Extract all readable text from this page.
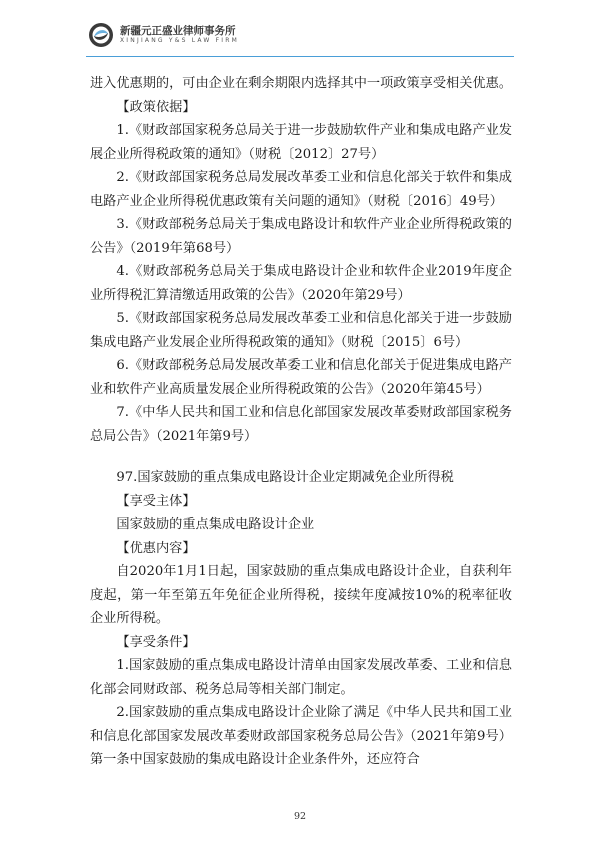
新疆元正盛业律师事务所
XINJIANG Y&S LAW FIRM

进入优惠期的，可由企业在剩余期限内选择其中一项政策享受相关优惠。

【政策依据】

1.《财政部国家税务总局关于进一步鼓励软件产业和集成电路产业发展企业所得税政策的通知》（财税〔2012〕27号）

2.《财政部国家税务总局发展改革委工业和信息化部关于软件和集成电路产业企业所得税优惠政策有关问题的通知》（财税〔2016〕49号）

3.《财政部税务总局关于集成电路设计和软件产业企业所得税政策的公告》（2019年第68号）

4.《财政部税务总局关于集成电路设计企业和软件企业2019年度企业所得税汇算清缴适用政策的公告》（2020年第29号）

5.《财政部国家税务总局发展改革委工业和信息化部关于进一步鼓励集成电路产业发展企业所得税政策的通知》（财税〔2015〕6号）

6.《财政部税务总局发展改革委工业和信息化部关于促进集成电路产业和软件产业高质量发展企业所得税政策的公告》（2020年第45号）

7.《中华人民共和国工业和信息化部国家发展改革委财政部国家税务总局公告》（2021年第9号）

97.国家鼓励的重点集成电路设计企业定期减免企业所得税

【享受主体】

国家鼓励的重点集成电路设计企业

【优惠内容】

自2020年1月1日起，国家鼓励的重点集成电路设计企业，自获利年度起，第一年至第五年免征企业所得税，接续年度减按10%的税率征收企业所得税。

【享受条件】

1.国家鼓励的重点集成电路设计清单由国家发展改革委、工业和信息化部会同财政部、税务总局等相关部门制定。

2.国家鼓励的重点集成电路设计企业除了满足《中华人民共和国工业和信息化部国家发展改革委财政部国家税务总局公告》（2021年第9号）第一条中国家鼓励的集成电路设计企业条件外，还应符合

92
